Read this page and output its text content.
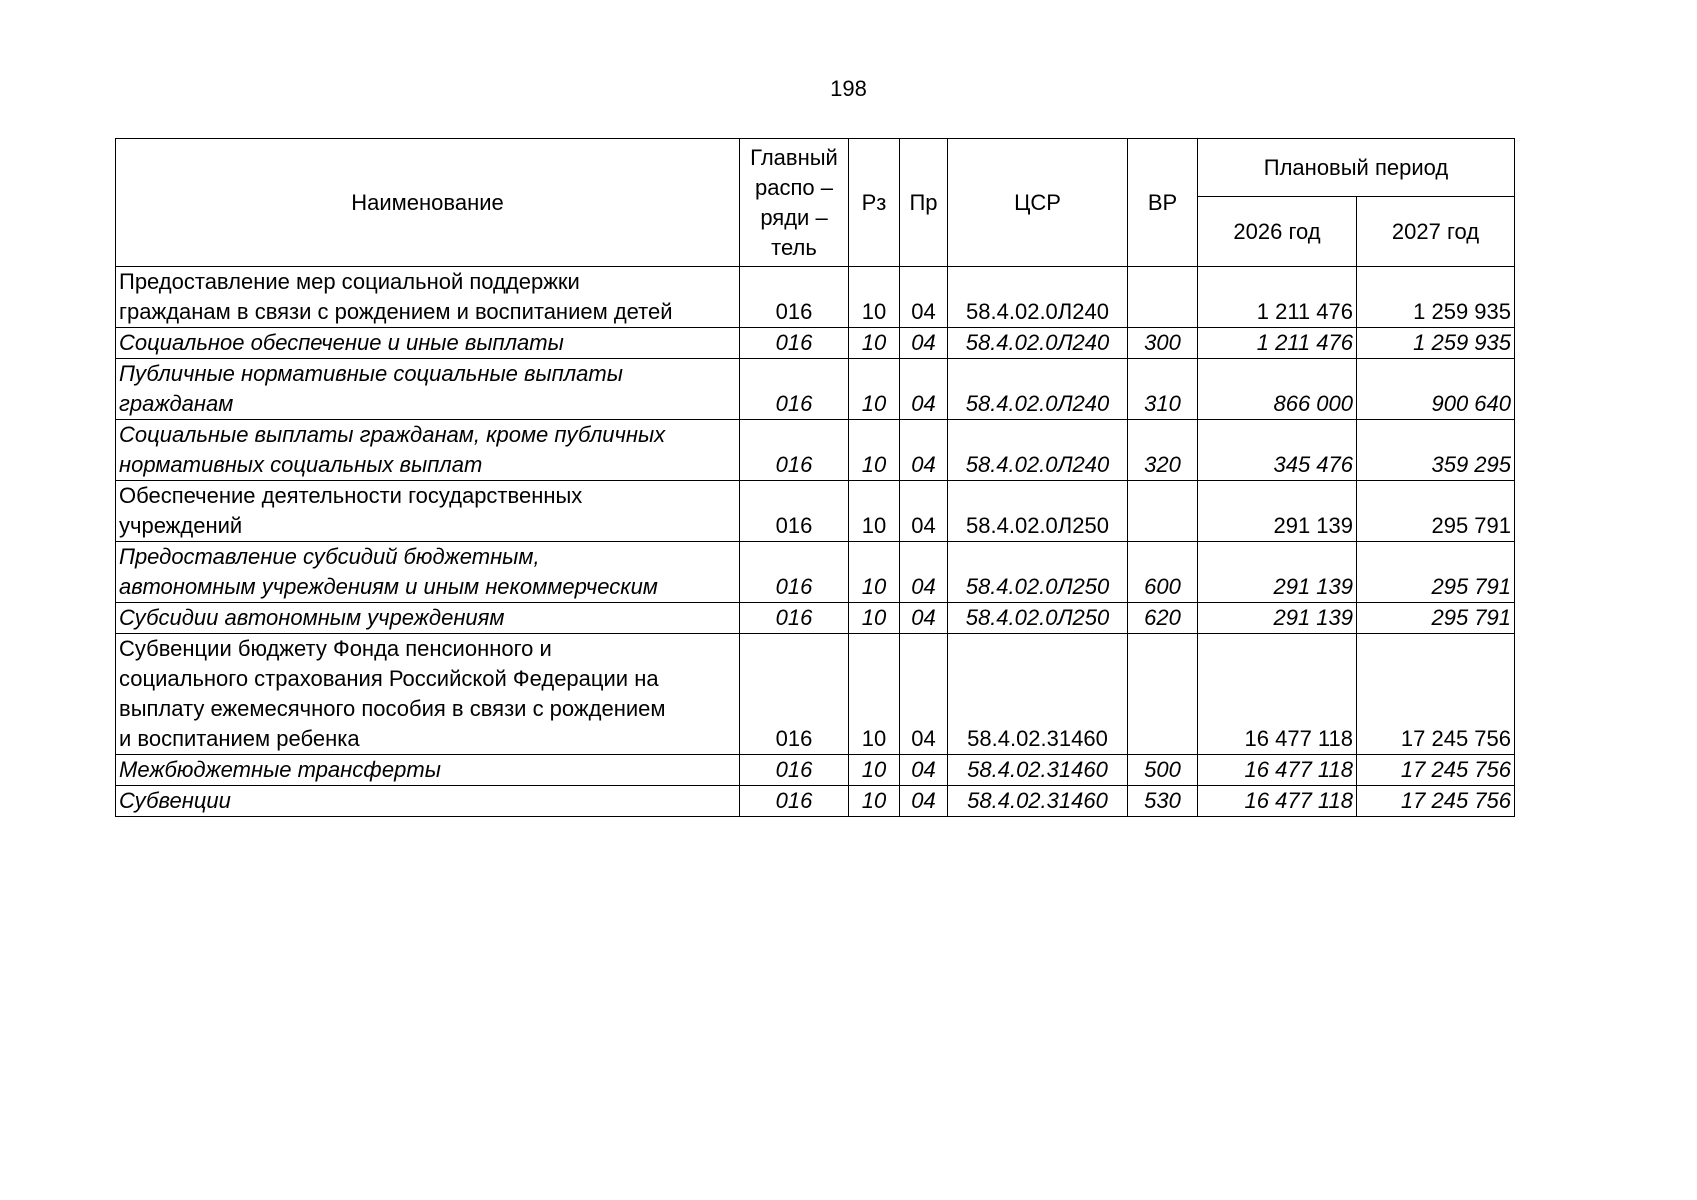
198
Наименование	Главный
распо –
ряди –
тель	Рз	Пр	ЦСР	ВР	Плановый период	
						2026 год	2027 год

Предоставление мер социальной поддержки
гражданам в связи с рождением и воспитанием детей	016	10	04	58.4.02.0Л240		1 211 476	1 259 935

Социальное обеспечение и иные выплаты	016	10	04	58.4.02.0Л240	300	1 211 476	1 259 935

Публичные нормативные социальные выплаты
гражданам	016	10	04	58.4.02.0Л240	310	866 000	900 640

Социальные выплаты гражданам, кроме публичных
нормативных социальных выплат	016	10	04	58.4.02.0Л240	320	345 476	359 295

Обеспечение деятельности государственных
учреждений	016	10	04	58.4.02.0Л250		291 139	295 791

Предоставление субсидий бюджетным,
автономным учреждениям и иным некоммерческим	016	10	04	58.4.02.0Л250	600	291 139	295 791

Субсидии автономным учреждениям	016	10	04	58.4.02.0Л250	620	291 139	295 791

Субвенции бюджету Фонда пенсионного и
социального страхования Российской Федерации на
выплату ежемесячного пособия в связи с рождением
и воспитанием ребенка	016	10	04	58.4.02.31460		16 477 118	17 245 756

Межбюджетные трансферты	016	10	04	58.4.02.31460	500	16 477 118	17 245 756

Субвенции	016	10	04	58.4.02.31460	530	16 477 118	17 245 756
